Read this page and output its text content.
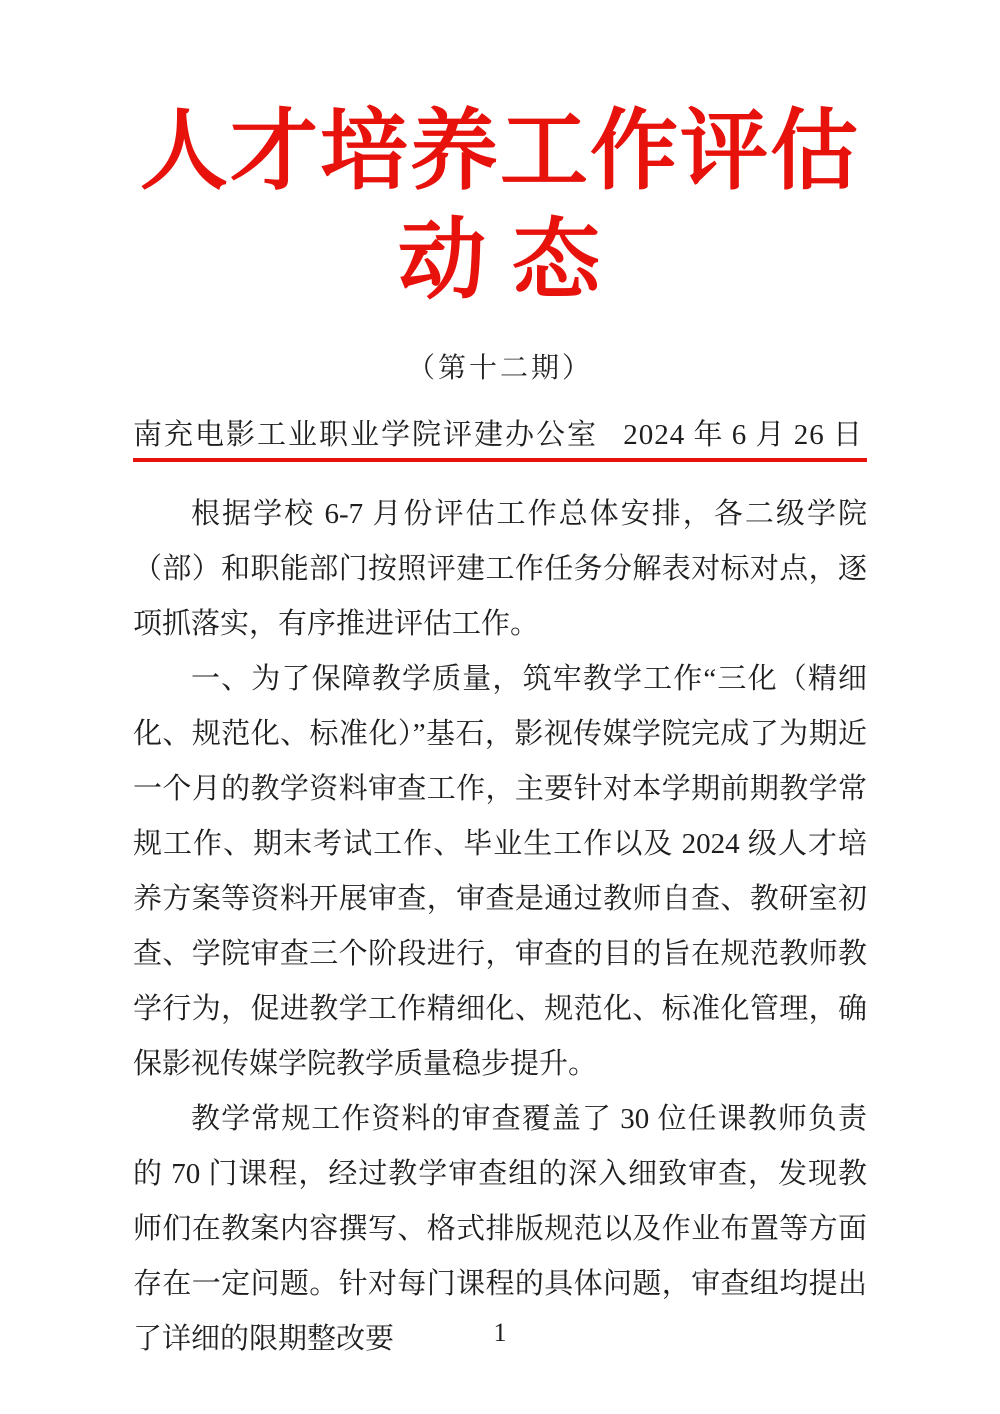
人才培养工作评估
动 态
（第十二期）
南充电影工业职业学院评建办公室 2024 年 6 月 26 日

根据学校 6-7 月份评估工作总体安排，各二级学院（部）和职能部门按照评建工作任务分解表对标对点，逐项抓落实，有序推进评估工作。

一、为了保障教学质量，筑牢教学工作“三化（精细化、规范化、标准化）”基石，影视传媒学院完成了为期近一个月的教学资料审查工作，主要针对本学期前期教学常规工作、期末考试工作、毕业生工作以及 2024 级人才培养方案等资料开展审查，审查是通过教师自查、教研室初查、学院审查三个阶段进行，审查的目的旨在规范教师教学行为，促进教学工作精细化、规范化、标准化管理，确保影视传媒学院教学质量稳步提升。

教学常规工作资料的审查覆盖了 30 位任课教师负责的 70 门课程，经过教学审查组的深入细致审查，发现教师们在教案内容撰写、格式排版规范以及作业布置等方面存在一定问题。针对每门课程的具体问题，审查组均提出了详细的限期整改要	1
